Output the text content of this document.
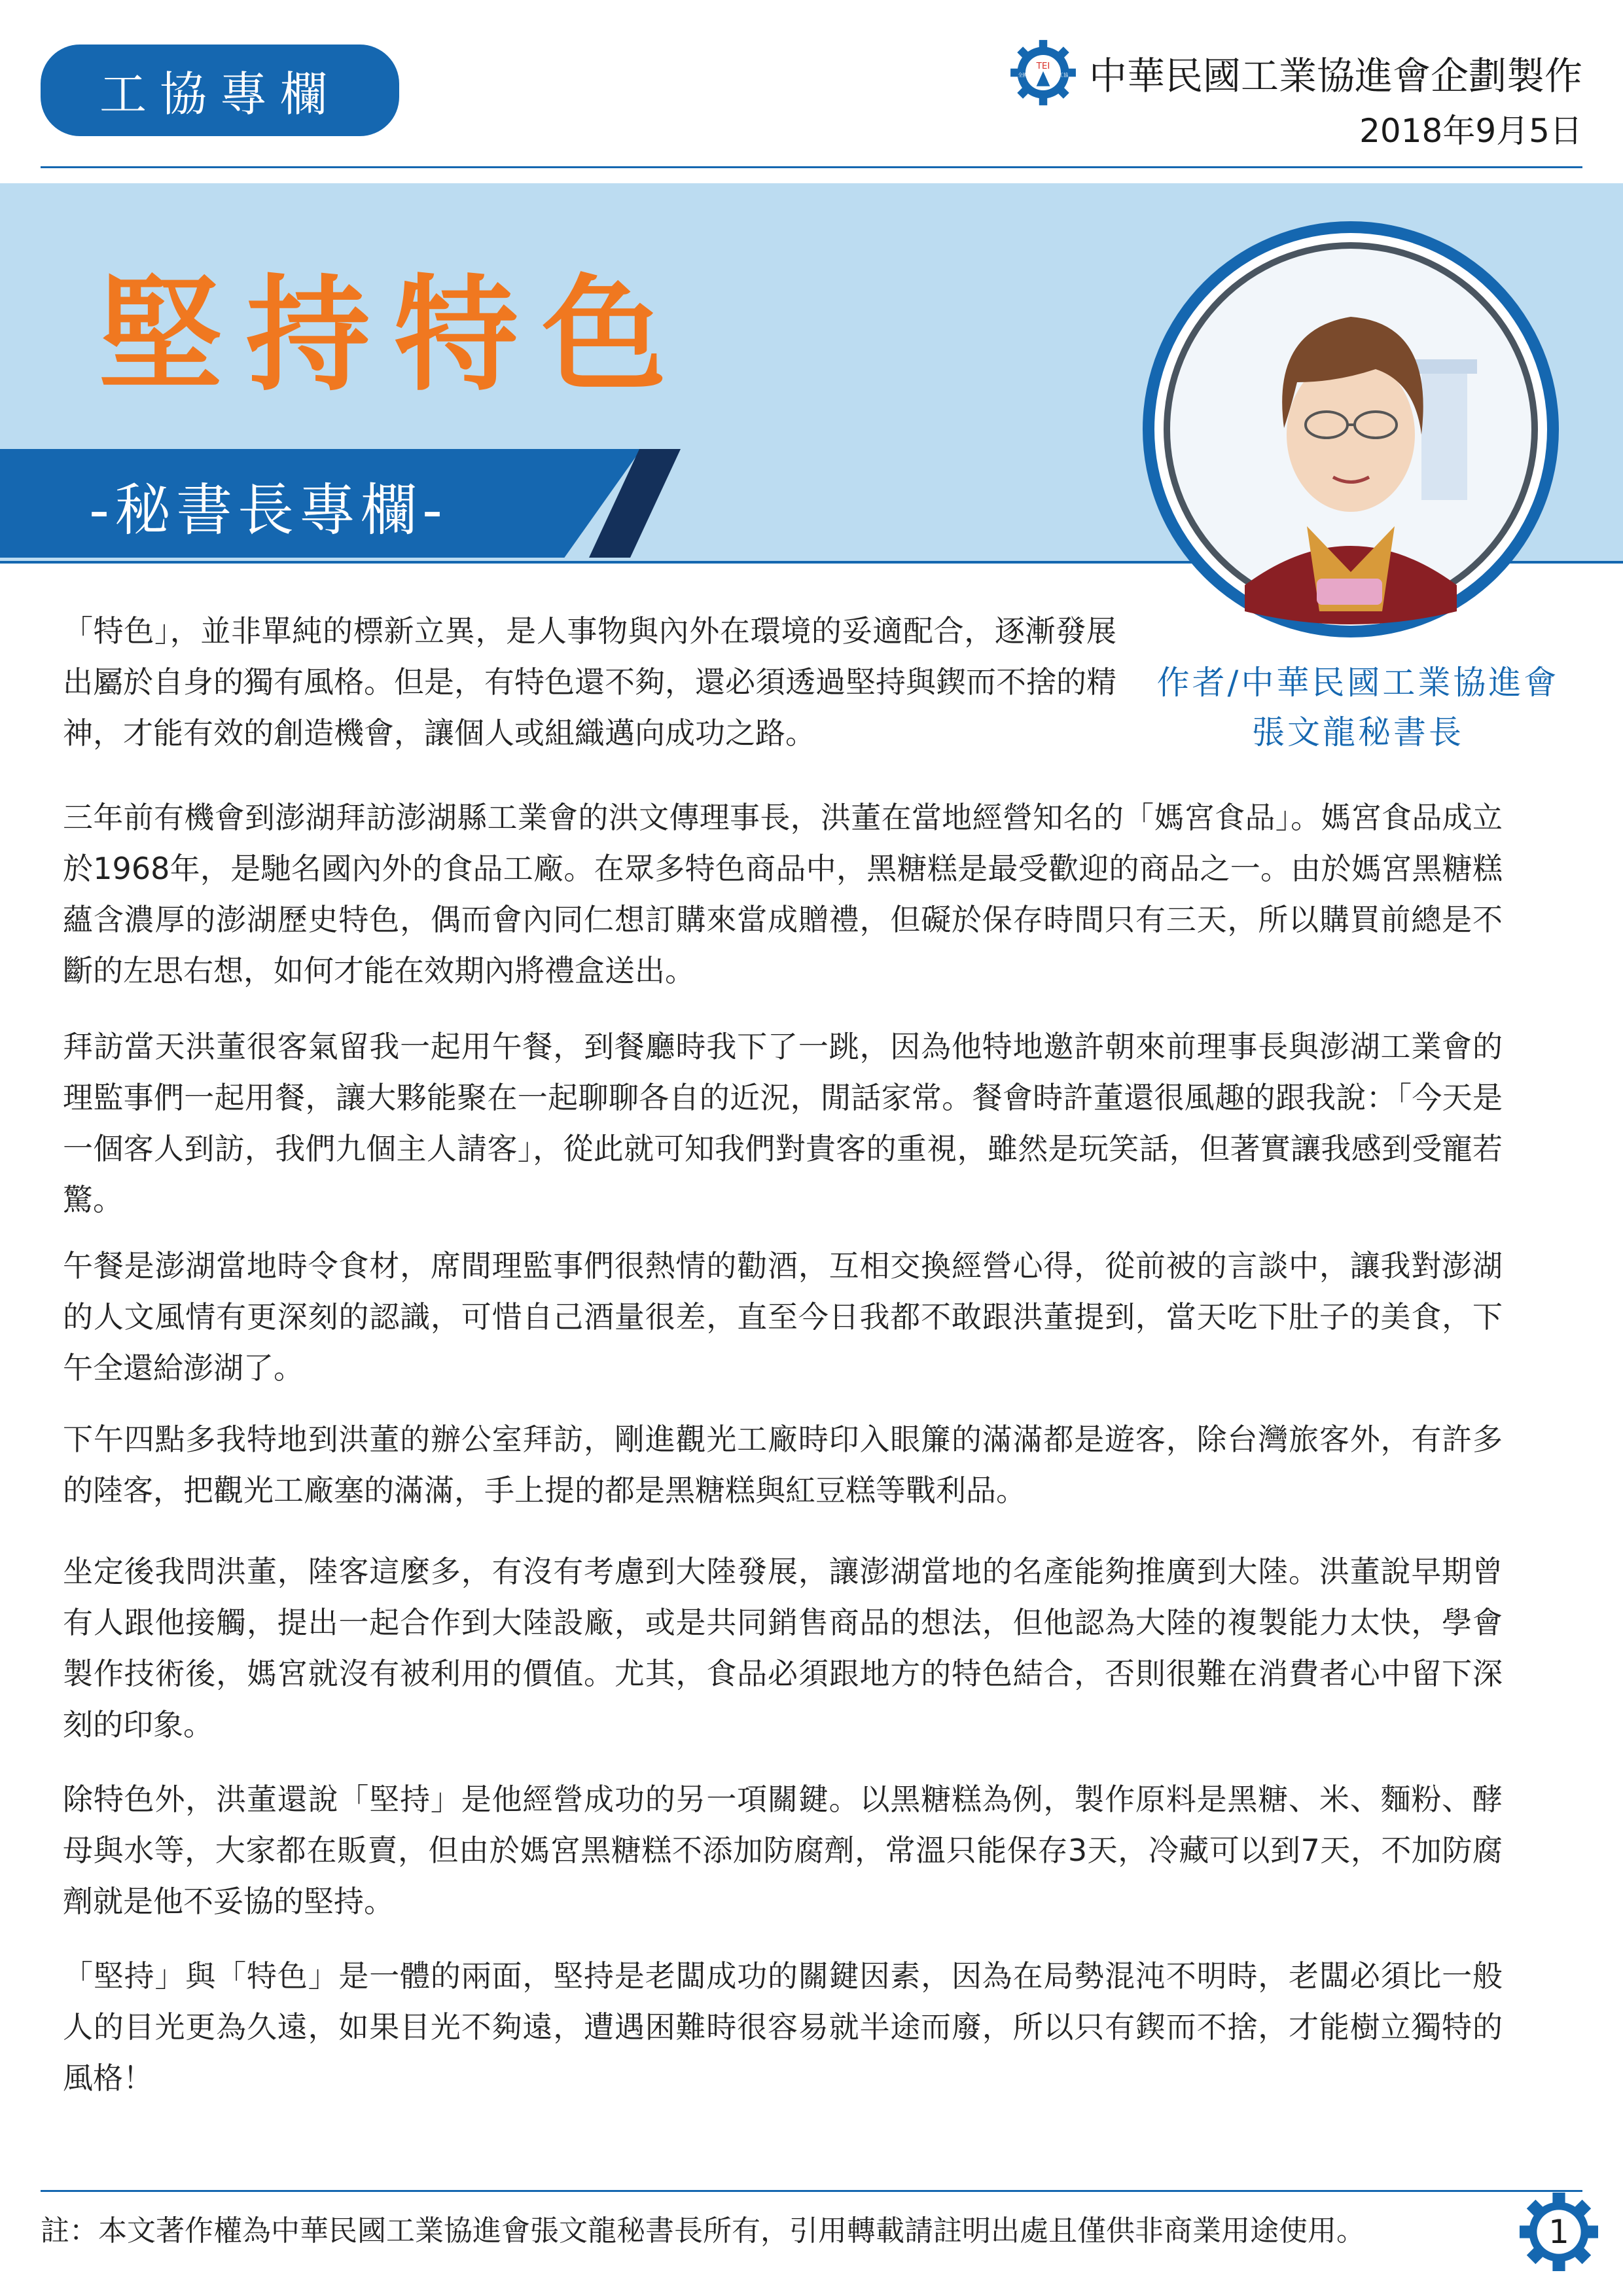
工協專欄
TEI
全國	工協 中華民國工業協進會企劃製作
2018年9月5日
堅持特色
-秘書長專欄-
作者/中華民國工業協進會
張文龍秘書長

「特色」，並非單純的標新立異，是人事物與內外在環境的妥適配合，逐漸發展出屬於自身的獨有風格。但是，有特色還不夠，還必須透過堅持與鍥而不捨的精神，才能有效的創造機會，讓個人或組織邁向成功之路。

三年前有機會到澎湖拜訪澎湖縣工業會的洪文傳理事長，洪董在當地經營知名的「媽宮食品」。媽宮食品成立於1968年，是馳名國內外的食品工廠。在眾多特色商品中，黑糖糕是最受歡迎的商品之一。由於媽宮黑糖糕蘊含濃厚的澎湖歷史特色，偶而會內同仁想訂購來當成贈禮，但礙於保存時間只有三天，所以購買前總是不斷的左思右想，如何才能在效期內將禮盒送出。

拜訪當天洪董很客氣留我一起用午餐，到餐廳時我下了一跳，因為他特地邀許朝來前理事長與澎湖工業會的理監事們一起用餐，讓大夥能聚在一起聊聊各自的近況，閒話家常。餐會時許董還很風趣的跟我說：「今天是一個客人到訪，我們九個主人請客」，從此就可知我們對貴客的重視，雖然是玩笑話，但著實讓我感到受寵若驚。

午餐是澎湖當地時令食材，席間理監事們很熱情的勸酒，互相交換經營心得，從前被的言談中，讓我對澎湖的人文風情有更深刻的認識，可惜自己酒量很差，直至今日我都不敢跟洪董提到，當天吃下肚子的美食，下午全還給澎湖了。

下午四點多我特地到洪董的辦公室拜訪，剛進觀光工廠時印入眼簾的滿滿都是遊客，除台灣旅客外，有許多的陸客，把觀光工廠塞的滿滿，手上提的都是黑糖糕與紅豆糕等戰利品。

坐定後我問洪董，陸客這麼多，有沒有考慮到大陸發展，讓澎湖當地的名產能夠推廣到大陸。洪董說早期曾有人跟他接觸，提出一起合作到大陸設廠，或是共同銷售商品的想法，但他認為大陸的複製能力太快，學會製作技術後，媽宮就沒有被利用的價值。尤其，食品必須跟地方的特色結合，否則很難在消費者心中留下深刻的印象。

除特色外，洪董還說「堅持」是他經營成功的另一項關鍵。以黑糖糕為例，製作原料是黑糖、米、麵粉、酵母與水等，大家都在販賣，但由於媽宮黑糖糕不添加防腐劑，常溫只能保存3天，冷藏可以到7天，不加防腐劑就是他不妥協的堅持。

「堅持」與「特色」是一體的兩面，堅持是老闆成功的關鍵因素，因為在局勢混沌不明時，老闆必須比一般人的目光更為久遠，如果目光不夠遠，遭遇困難時很容易就半途而廢，所以只有鍥而不捨，才能樹立獨特的風格！

註：本文著作權為中華民國工業協進會張文龍秘書長所有，引用轉載請註明出處且僅供非商業用途使用。	1
